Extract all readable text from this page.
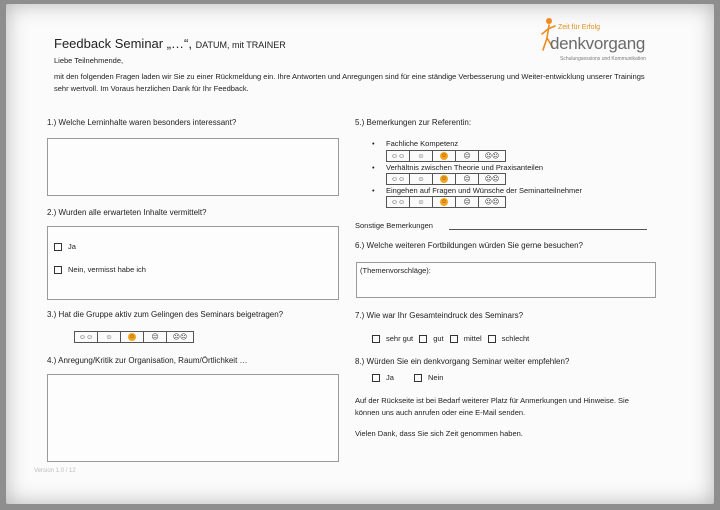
Feedback Seminar „…“, DATUM, mit TRAINER
Zeit für Erfolg
denkvorgang
Schulungsessions und Kommunikation
Liebe Teilnehmende,
mit den folgenden Fragen laden wir Sie zu einer Rückmeldung ein. Ihre Antworten und Anregungen sind für eine ständige Verbesserung und Weiter-entwicklung unserer Trainings sehr wertvoll. Im Voraus herzlichen Dank für Ihr Feedback.
1.) Welche Lerninhalte waren besonders interessant?
2.) Wurden alle erwarteten Inhalte vermittelt?
Ja
Nein, vermisst habe ich
3.) Hat die Gruppe aktiv zum Gelingen des Seminars beigetragen?
☺☺ ☺	☺ ☹ ☹☹
4.) Anregung/Kritik zur Organisation, Raum/Örtlichkeit …
5.) Bemerkungen zur Referentin:
• Fachliche Kompetenz
☺☺ ☺	☺ ☹ ☹☹
• Verhältnis zwischen Theorie und Praxisanteilen
☺☺ ☺	☺ ☹ ☹☹
• Eingehen auf Fragen und Wünsche der Seminarteilnehmer
☺☺ ☺	☺ ☹ ☹☹
Sonstige Bemerkungen
6.) Welche weiteren Fortbildungen würden Sie gerne besuchen?
(Themenvorschläge):
7.) Wie war Ihr Gesamteindruck des Seminars?
sehr gut	gut	mittel	schlecht
8.) Würden Sie ein denkvorgang Seminar weiter empfehlen?
Ja	Nein
Auf der Rückseite ist bei Bedarf weiterer Platz für Anmerkungen und Hinweise. Sie können uns auch anrufen oder eine E-Mail senden.
Vielen Dank, dass Sie sich Zeit genommen haben.
Version 1.0 / 12
